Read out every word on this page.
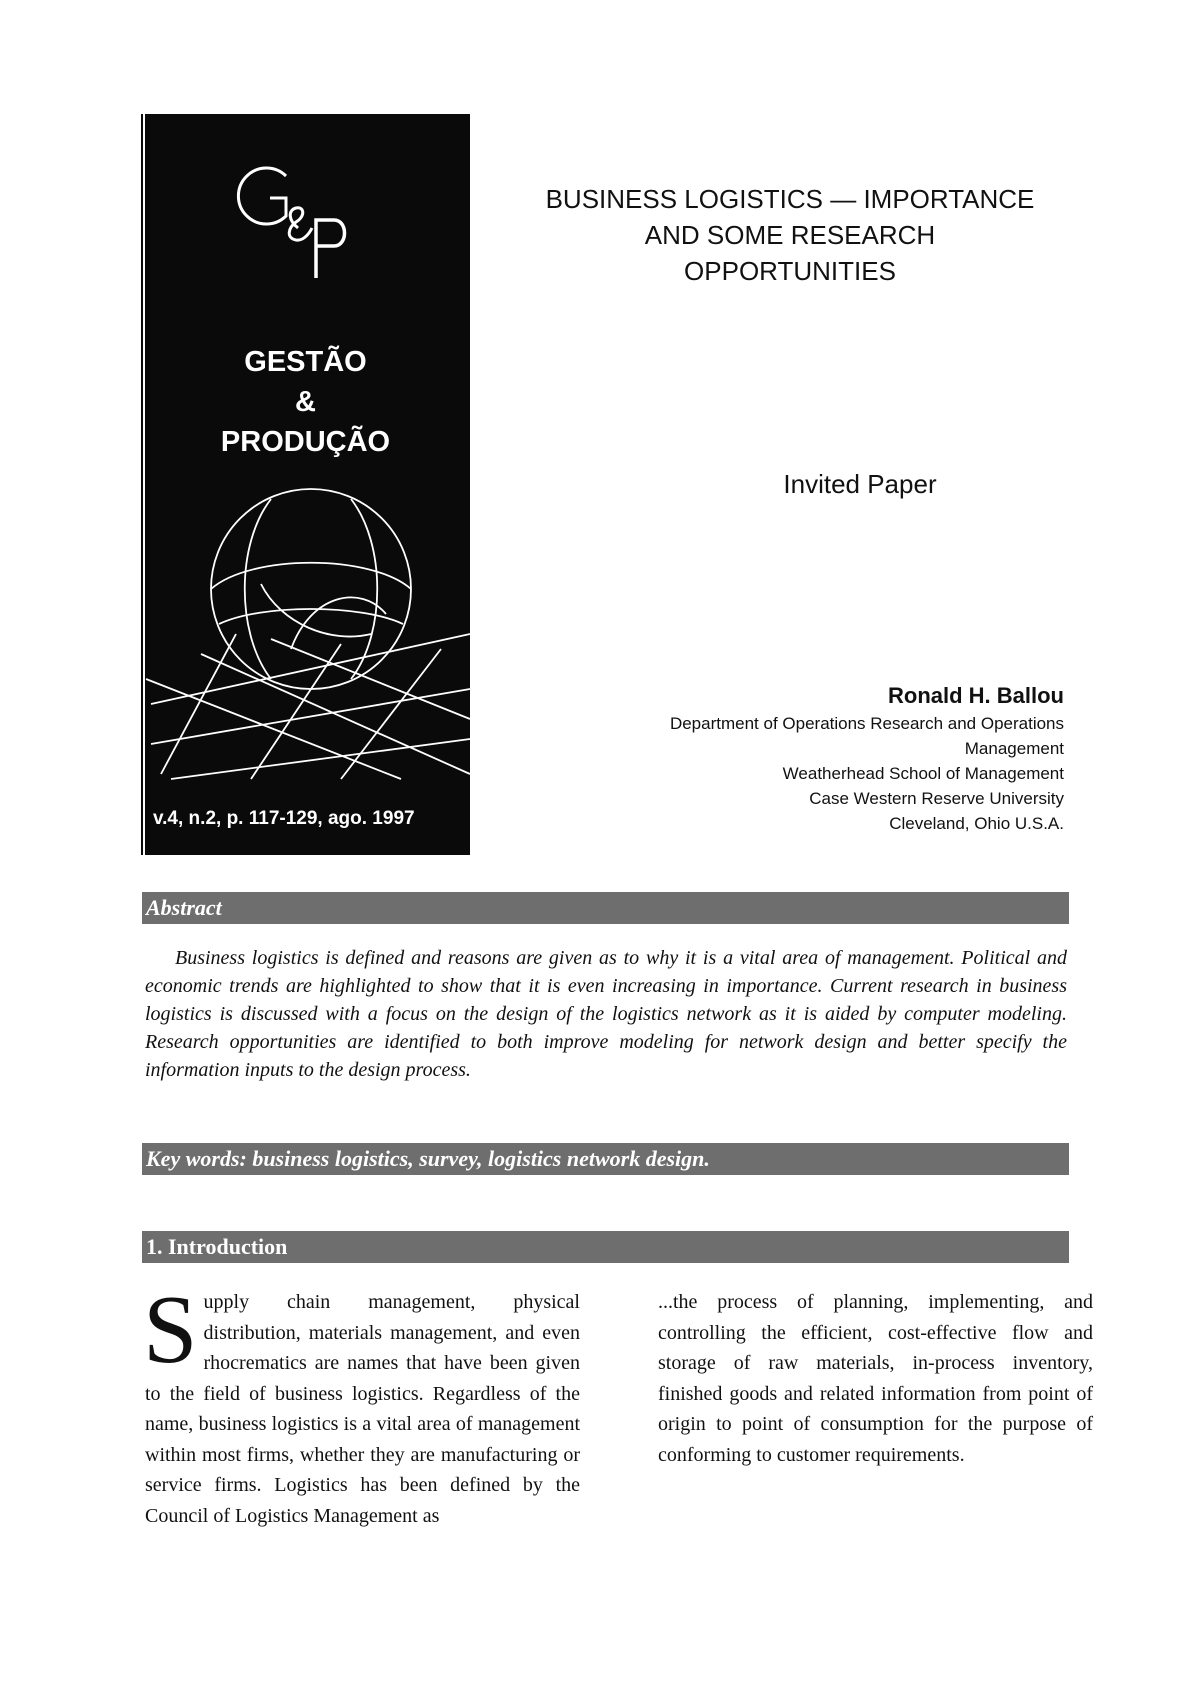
G&P
GESTÃO
&
PRODUÇÃO
v.4, n.2, p. 117-129, ago. 1997
BUSINESS LOGISTICS — IMPORTANCE
AND SOME RESEARCH
OPPORTUNITIES
Invited Paper
Ronald H. Ballou
Department of Operations Research and Operations
Management
Weatherhead School of Management
Case Western Reserve University
Cleveland, Ohio U.S.A.
Abstract

Business logistics is defined and reasons are given as to why it is a vital area of management. Political and economic trends are highlighted to show that it is even increasing in importance. Current research in business logistics is discussed with a focus on the design of the logistics network as it is aided by computer modeling. Research opportunities are identified to both improve modeling for network design and better specify the information inputs to the design process.

Key words: business logistics, survey, logistics network design.
1. Introduction
Supply chain management, physical distribution, materials management, and even rhocrematics are names that have been given to the field of business logistics. Regardless of the name, business logistics is a vital area of management within most firms, whether they are manufacturing or service firms. Logistics has been defined by the Council of Logistics Management as
...the process of planning, implementing, and controlling the efficient, cost-effective flow and storage of raw materials, in-process inventory, finished goods and related information from point of origin to point of consumption for the purpose of conforming to customer requirements.
